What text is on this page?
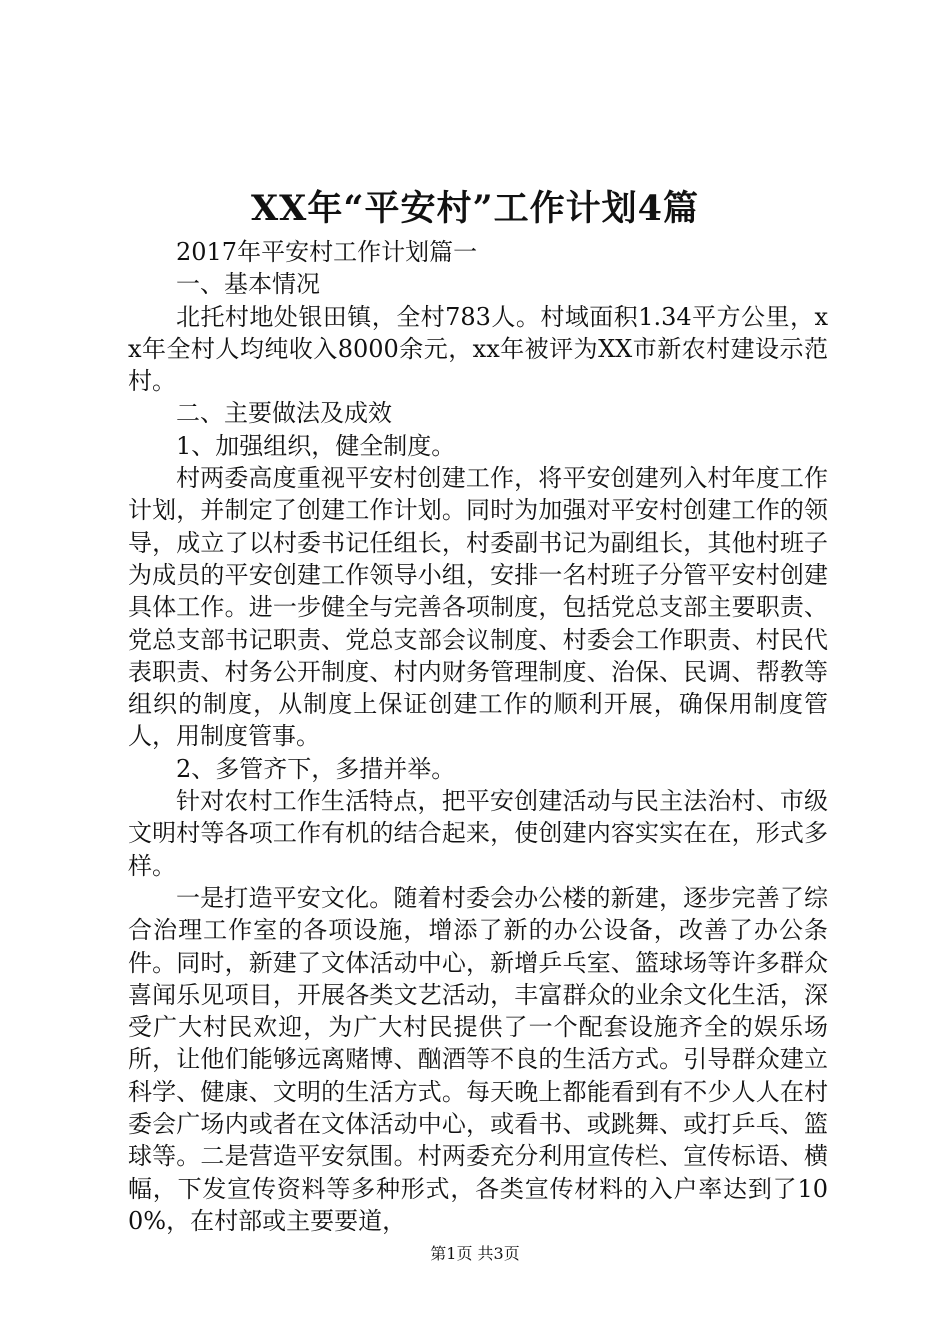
XX年“平安村”工作计划4篇

2017年平安村工作计划篇一

一、基本情况

北托村地处银田镇，全村783人。村域面积1.34平方公里，xx年全村人均纯收入8000余元，xx年被评为XX市新农村建设示范村。

二、主要做法及成效

1、加强组织，健全制度。

村两委高度重视平安村创建工作，将平安创建列入村年度工作计划，并制定了创建工作计划。同时为加强对平安村创建工作的领导，成立了以村委书记任组长，村委副书记为副组长，其他村班子为成员的平安创建工作领导小组，安排一名村班子分管平安村创建具体工作。进一步健全与完善各项制度，包括党总支部主要职责、党总支部书记职责、党总支部会议制度、村委会工作职责、村民代表职责、村务公开制度、村内财务管理制度、治保、民调、帮教等组织的制度，从制度上保证创建工作的顺利开展，确保用制度管人，用制度管事。

2、多管齐下，多措并举。

针对农村工作生活特点，把平安创建活动与民主法治村、市级文明村等各项工作有机的结合起来，使创建内容实实在在，形式多样。

一是打造平安文化。随着村委会办公楼的新建，逐步完善了综合治理工作室的各项设施，增添了新的办公设备，改善了办公条件。同时，新建了文体活动中心，新增乒乓室、篮球场等许多群众喜闻乐见项目，开展各类文艺活动，丰富群众的业余文化生活，深受广大村民欢迎，为广大村民提供了一个配套设施齐全的娱乐场所，让他们能够远离赌博、酗酒等不良的生活方式。引导群众建立科学、健康、文明的生活方式。每天晚上都能看到有不少人人在村委会广场内或者在文体活动中心，或看书、或跳舞、或打乒乓、篮球等。二是营造平安氛围。村两委充分利用宣传栏、宣传标语、横幅，下发宣传资料等多种形式，各类宣传材料的入户率达到了100%，在村部或主要要道，

第1页 共3页
